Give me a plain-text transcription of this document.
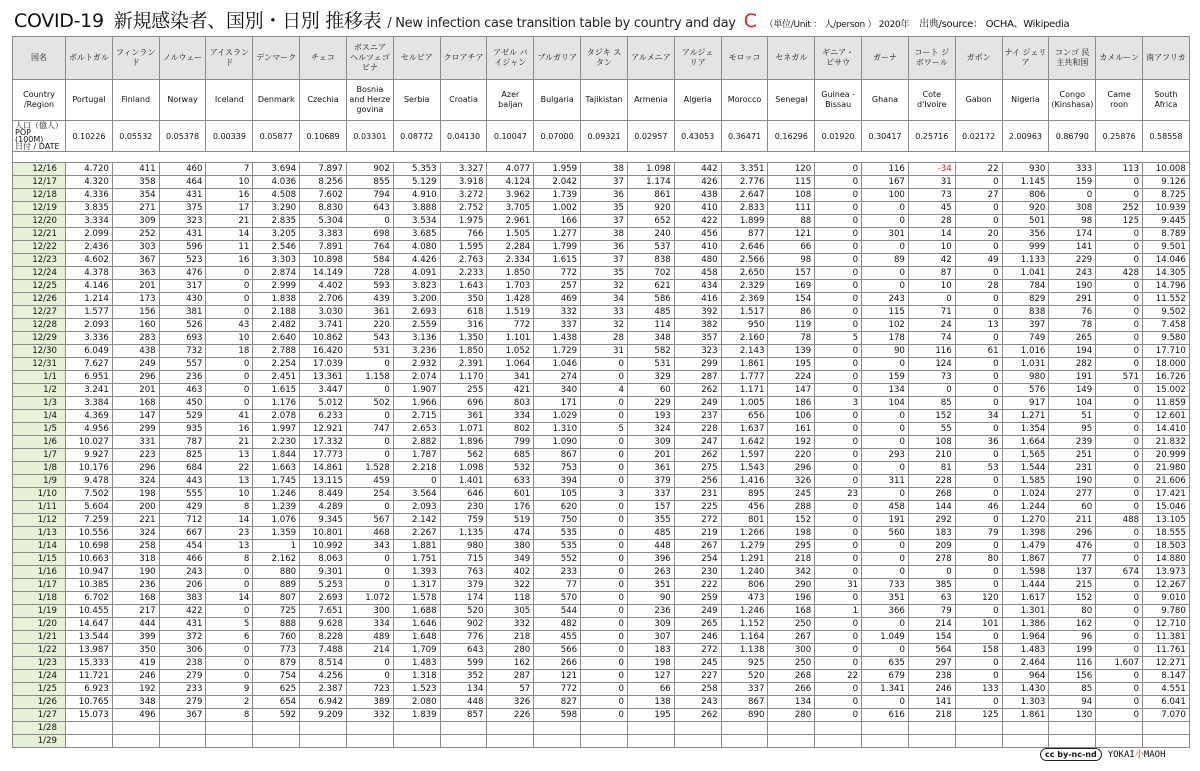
COVID-19 新規感染者、国別・日別 推移表 / New infection case transition table by country and day C （単位/Unit ： 人/person ） 2020年 出典/source： OCHA、Wikipedia
国名	ポルトガル	フィンランド	ノルウェー	アイスランド	デンマーク	チェコ	ボスニア ヘルツェゴビナ	セルビア	クロアチア	アゼル バイジャン	ブルガリア	タジキ スタン	アルメニア	アルジェ リア	モロッコ	セネガル	ギニア・ ビサウ	ガーナ	コート ジボワール	ガボン	ナイ ジェリア	コンゴ 民主共和国	カメルーン	南アフリカ
Country /Region	Portugal	Finland	Norway	Iceland	Denmark	Czechia	Bosnia and Herze govina	Serbia	Croatia	Azer baijan	Bulgaria	Tajikistan	Armenia	Algeria	Morocco	Senegal	Guinea -Bissau	Ghana	Cote d'Ivoire	Gabon	Nigeria	Congo (Kinshasa)	Came roon	South Africa

人口（億人）
POP
(100M)
日付 / DATE	0.10226	0.05532	0.05378	0.00339	0.05877	0.10689	0.03301	0.08772	0.04130	0.10047	0.07000	0.09321	0.02957	0.43053	0.36471	0.16296	0.01920	0.30417	0.25716	0.02172	2.00963	0.86790	0.25876	0.58558

12/16	4.720	411	460	7	3.694	7.897	902	5.353	3.327	4.077	1.959	38	1.098	442	3.351	120	0	116	-34	22	930	333	113	10.008
12/17	4.320	358	464	10	4.036	8.256	855	5.129	3.918	4.124	2.042	37	1.174	426	2.776	115	0	167	31	0	1.145	159	0	9.126
12/18	4.336	354	431	16	4.508	7.602	794	4.910	3.272	3.962	1.739	36	861	438	2.647	108	0	100	73	27	806	0	0	8.725
12/19	3.835	271	375	17	3.290	8.830	643	3.888	2.752	3.705	1.002	35	920	410	2.833	111	0	0	45	0	920	308	252	10.939
12/20	3.334	309	323	21	2.835	5.304	0	3.534	1.975	2.961	166	37	652	422	1.899	88	0	0	28	0	501	98	125	9.445
12/21	2.099	252	431	14	3.205	3.383	698	3.685	766	1.505	1.277	38	240	456	877	121	0	301	14	20	356	174	0	8.789
12/22	2.436	303	596	11	2.546	7.891	764	4.080	1.595	2.284	1.799	36	537	410	2.646	66	0	0	10	0	999	141	0	9.501
12/23	4.602	367	523	16	3.303	10.898	584	4.426	2.763	2.334	1.615	37	838	480	2.566	98	0	89	42	49	1.133	229	0	14.046
12/24	4.378	363	476	0	2.874	14.149	728	4.091	2.233	1.850	772	35	702	458	2.650	157	0	0	87	0	1.041	243	428	14.305
12/25	4.146	201	317	0	2.999	4.402	593	3.823	1.643	1.703	257	32	621	434	2.329	169	0	0	10	28	784	190	0	14.796
12/26	1.214	173	430	0	1.838	2.706	439	3.200	350	1.428	469	34	586	416	2.369	154	0	243	0	0	829	291	0	11.552
12/27	1.577	156	381	0	2.188	3.030	361	2.693	618	1.519	332	33	485	392	1.517	86	0	115	71	0	838	76	0	9.502
12/28	2.093	160	526	43	2.482	3.741	220	2.559	316	772	337	32	114	382	950	119	0	102	24	13	397	78	0	7.458
12/29	3.336	283	693	10	2.640	10.862	543	3.136	1.350	1.101	1.438	28	348	357	2.160	78	5	178	74	0	749	265	0	9.580
12/30	6.049	438	732	18	2.788	16.420	531	3.236	1.850	1.052	1.729	31	582	323	2.143	139	0	90	116	61	1.016	194	0	17.710
12/31	7.627	249	557	0	2.254	17.039	0	2.932	2.391	1.064	1.046	0	531	299	1.861	195	0	0	124	0	1.031	282	0	18.000
1/1	6.951	296	236	0	2.451	13.361	1.158	2.074	1.170	341	274	0	329	287	1.777	224	0	159	73	0	980	191	571	16.726
1/2	3.241	201	463	0	1.615	3.447	0	1.907	255	421	340	4	60	262	1.171	147	0	134	0	0	576	149	0	15.002
1/3	3.384	168	450	0	1.176	5.012	502	1.966	696	803	171	0	229	249	1.005	186	3	104	85	0	917	104	0	11.859
1/4	4.369	147	529	41	2.078	6.233	0	2.715	361	334	1.029	0	193	237	656	106	0	0	152	34	1.271	51	0	12.601
1/5	4.956	299	935	16	1.997	12.921	747	2.653	1.071	802	1.310	5	324	228	1.637	161	0	0	55	0	1.354	95	0	14.410
1/6	10.027	331	787	21	2.230	17.332	0	2.882	1.896	799	1.090	0	309	247	1.642	192	0	0	108	36	1.664	239	0	21.832
1/7	9.927	223	825	13	1.844	17.773	0	1.787	562	685	867	0	201	262	1.597	220	0	293	210	0	1.565	251	0	20.999
1/8	10.176	296	684	22	1.663	14.861	1.528	2.218	1.098	532	753	0	361	275	1.543	296	0	0	81	53	1.544	231	0	21.980
1/9	9.478	324	443	13	1.745	13.115	459	0	1.401	633	394	0	379	256	1.416	326	0	311	228	0	1.585	190	0	21.606
1/10	7.502	198	555	10	1.246	8.449	254	3.564	646	601	105	3	337	231	895	245	23	0	268	0	1.024	277	0	17.421
1/11	5.604	200	429	8	1.239	4.289	0	2.093	230	176	620	0	157	225	456	288	0	458	144	46	1.244	60	0	15.046
1/12	7.259	221	712	14	1.076	9.345	567	2.142	759	519	750	0	355	272	801	152	0	191	292	0	1.270	211	488	13.105
1/13	10.556	324	667	23	1.359	10.801	468	2.267	1.135	474	535	0	485	219	1.266	198	0	560	183	79	1.398	296	0	18.555
1/14	10.698	258	454	13	1	10.992	343	1.881	980	380	535	0	448	267	1.279	295	0	0	209	0	1.479	476	0	18.503
1/15	10.663	318	466	8	2.162	8.063	0	1.751	715	349	552	0	396	254	1.291	218	0	0	278	80	1.867	77	0	14.880
1/16	10.947	190	243	0	880	9.301	0	1.393	763	402	233	0	263	230	1.240	342	0	0	0	0	1.598	137	674	13.973
1/17	10.385	236	206	0	889	5.253	0	1.317	379	322	77	0	351	222	806	290	31	733	385	0	1.444	215	0	12.267
1/18	6.702	168	383	14	807	2.693	1.072	1.578	174	118	570	0	90	259	473	196	0	351	63	120	1.617	152	0	9.010
1/19	10.455	217	422	0	725	7.651	300	1.688	520	305	544	0	236	249	1.246	168	1	366	79	0	1.301	80	0	9.780
1/20	14.647	444	431	5	888	9.628	334	1.646	902	332	482	0	309	265	1.152	250	0	0	214	101	1.386	162	0	12.710
1/21	13.544	399	372	6	760	8.228	489	1.648	776	218	455	0	307	246	1.164	267	0	1.049	154	0	1.964	96	0	11.381
1/22	13.987	350	306	0	773	7.488	214	1.709	643	280	566	0	183	272	1.138	300	0	0	564	158	1.483	199	0	11.761
1/23	15.333	419	238	0	879	8.514	0	1.483	599	162	266	0	198	245	925	250	0	635	297	0	2.464	116	1.607	12.271
1/24	11.721	246	279	0	754	4.256	0	1.318	352	287	121	0	127	227	520	268	22	679	238	0	964	156	0	8.147
1/25	6.923	192	233	9	625	2.387	723	1.523	134	57	772	0	66	258	337	266	0	1.341	246	133	1.430	85	0	4.551
1/26	10.765	348	279	2	654	6.942	389	2.080	448	326	827	0	138	243	867	134	0	0	141	0	1.303	94	0	6.041
1/27	15.073	496	367	8	592	9.209	332	1.839	857	226	598	0	195	262	890	280	0	616	218	125	1.861	130	0	7.070
1/28																								
1/29																								
cc by-nc-nd YOKAI小MAOH
